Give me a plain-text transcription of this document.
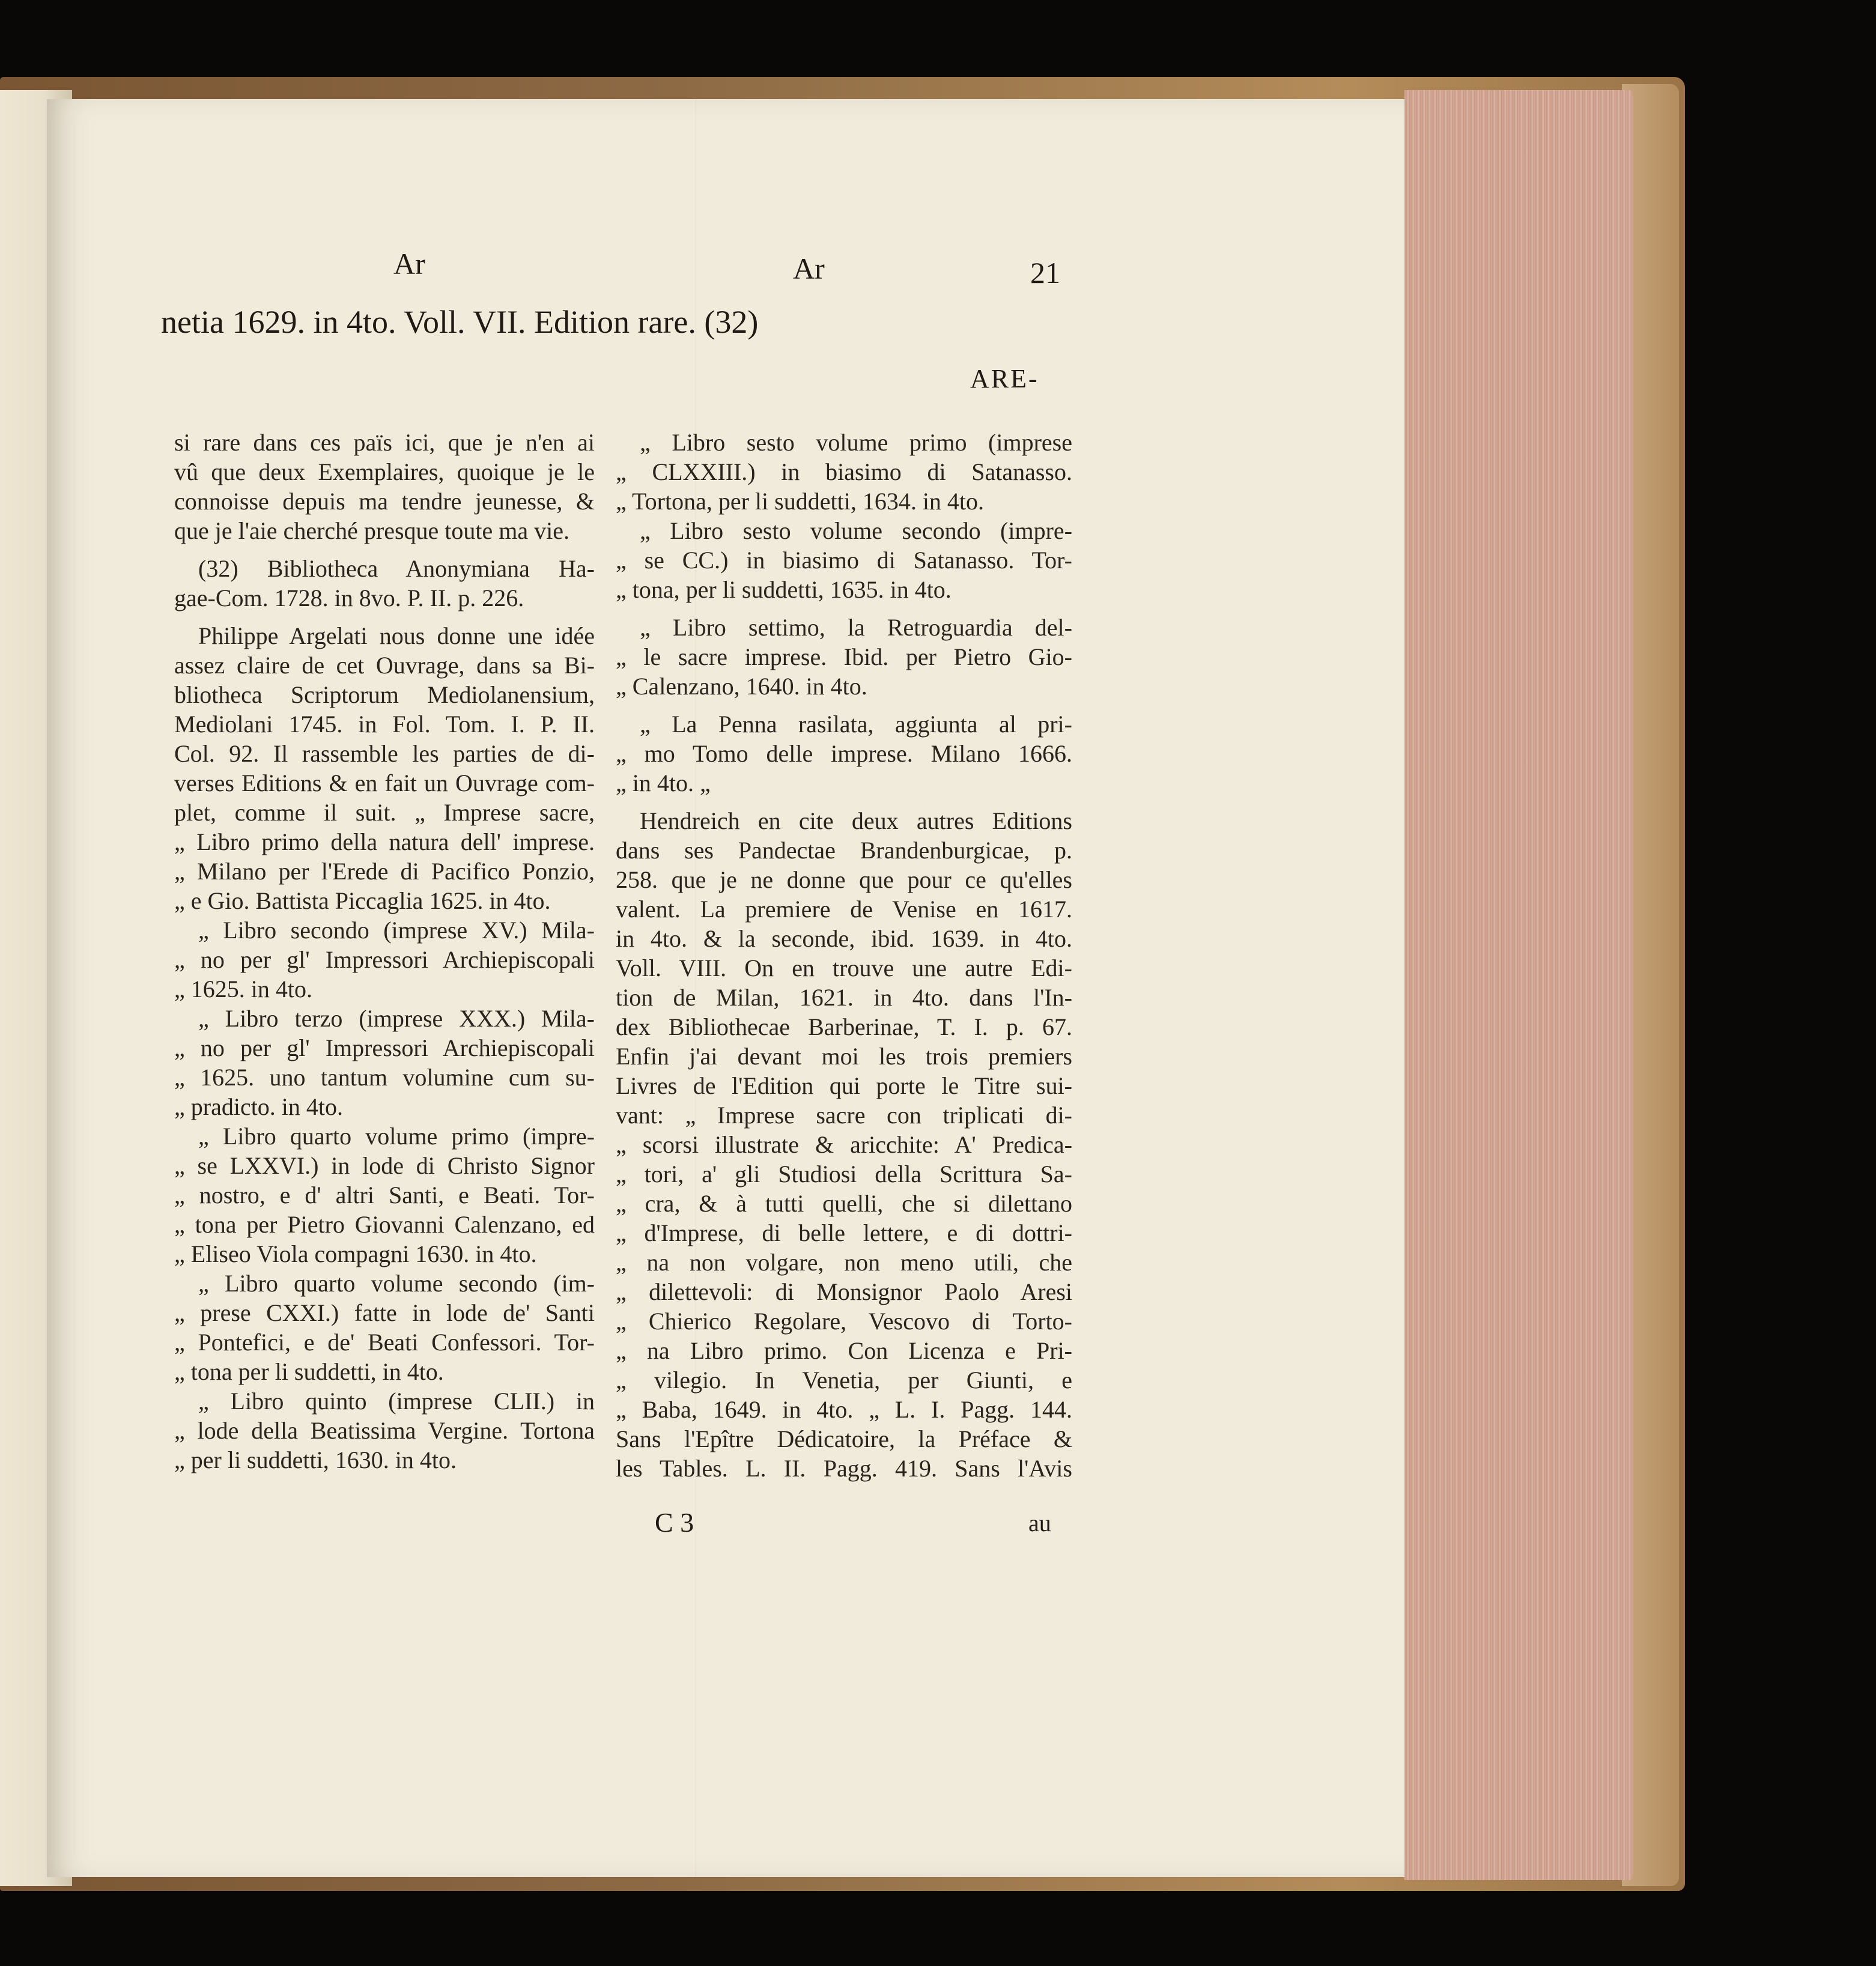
Ar	Ar	21
netia 1629. in 4to. Voll. VII. Edition rare. (32)
ARE-
si rare dans ces païs ici, que je n'en ai
vû que deux Exemplaires, quoique je le
connoisse depuis ma tendre jeunesse, &
que je l'aie cherché presque toute ma vie.
(32) Bibliotheca Anonymiana Ha-
gae-Com. 1728. in 8vo. P. II. p. 226.
Philippe Argelati nous donne une idée
assez claire de cet Ouvrage, dans sa Bi-
bliotheca Scriptorum Mediolanensium,
Mediolani 1745. in Fol. Tom. I. P. II.
Col. 92. Il rassemble les parties de di-
verses Editions & en fait un Ouvrage com-
plet, comme il suit. „ Imprese sacre,
„ Libro primo della natura dell' imprese.
„ Milano per l'Erede di Pacifico Ponzio,
„ e Gio. Battista Piccaglia 1625. in 4to.
„ Libro secondo (imprese XV.) Mila-
„ no per gl' Impressori Archiepiscopali
„ 1625. in 4to.
„ Libro terzo (imprese XXX.) Mila-
„ no per gl' Impressori Archiepiscopali
„ 1625. uno tantum volumine cum su-
„ pradicto. in 4to.
„ Libro quarto volume primo (impre-
„ se LXXVI.) in lode di Christo Signor
„ nostro, e d' altri Santi, e Beati. Tor-
„ tona per Pietro Giovanni Calenzano, ed
„ Eliseo Viola compagni 1630. in 4to.
„ Libro quarto volume secondo (im-
„ prese CXXI.) fatte in lode de' Santi
„ Pontefici, e de' Beati Confessori. Tor-
„ tona per li suddetti, in 4to.
„ Libro quinto (imprese CLII.) in
„ lode della Beatissima Vergine. Tortona
„ per li suddetti, 1630. in 4to.
„ Libro sesto volume primo (imprese
„ CLXXIII.) in biasimo di Satanasso.
„ Tortona, per li suddetti, 1634. in 4to.
„ Libro sesto volume secondo (impre-
„ se CC.) in biasimo di Satanasso. Tor-
„ tona, per li suddetti, 1635. in 4to.
„ Libro settimo, la Retroguardia del-
„ le sacre imprese. Ibid. per Pietro Gio-
„ Calenzano, 1640. in 4to.
„ La Penna rasilata, aggiunta al pri-
„ mo Tomo delle imprese. Milano 1666.
„ in 4to. „
Hendreich en cite deux autres Editions
dans ses Pandectae Brandenburgicae, p.
258. que je ne donne que pour ce qu'elles
valent. La premiere de Venise en 1617.
in 4to. & la seconde, ibid. 1639. in 4to.
Voll. VIII. On en trouve une autre Edi-
tion de Milan, 1621. in 4to. dans l'In-
dex Bibliothecae Barberinae, T. I. p. 67.
Enfin j'ai devant moi les trois premiers
Livres de l'Edition qui porte le Titre sui-
vant: „ Imprese sacre con triplicati di-
„ scorsi illustrate & aricchite: A' Predica-
„ tori, a' gli Studiosi della Scrittura Sa-
„ cra, & à tutti quelli, che si dilettano
„ d'Imprese, di belle lettere, e di dottri-
„ na non volgare, non meno utili, che
„ dilettevoli: di Monsignor Paolo Aresi
„ Chierico Regolare, Vescovo di Torto-
„ na Libro primo. Con Licenza e Pri-
„ vilegio. In Venetia, per Giunti, e
„ Baba, 1649. in 4to. „ L. I. Pagg. 144.
Sans l'Epître Dédicatoire, la Préface &
les Tables. L. II. Pagg. 419. Sans l'Avis
C 3	au
